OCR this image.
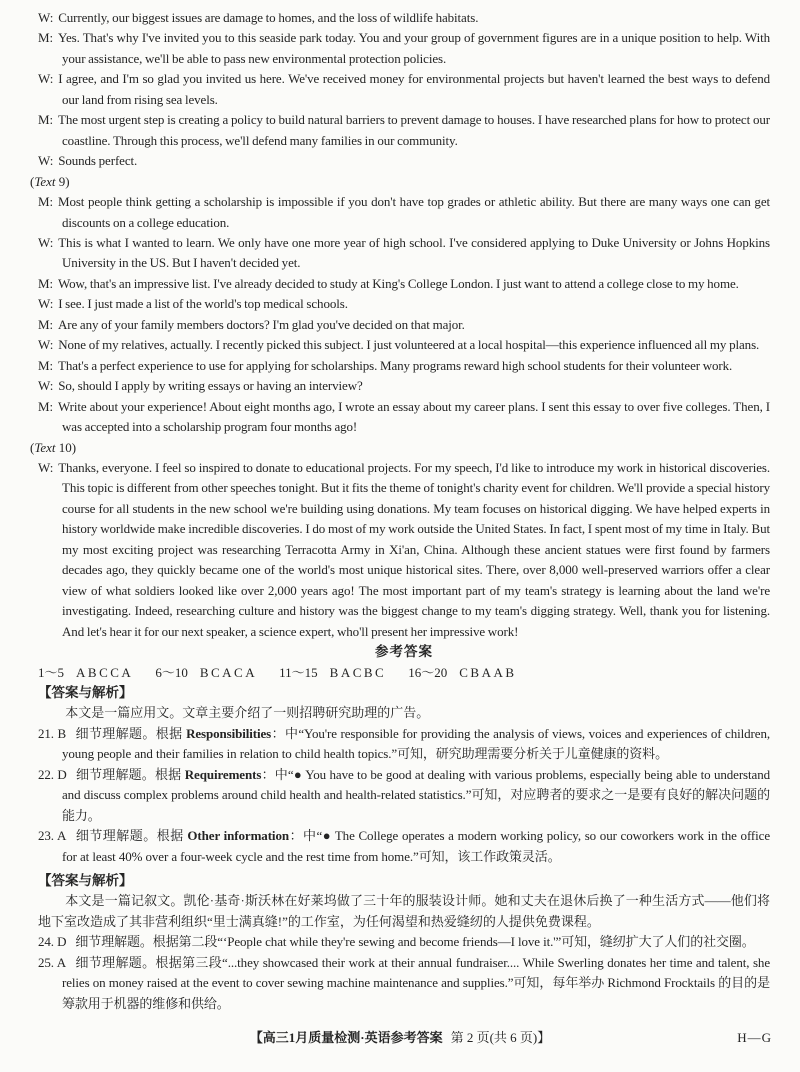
W: Currently, our biggest issues are damage to homes, and the loss of wildlife habitats.
M: Yes. That's why I've invited you to this seaside park today. You and your group of government figures are in a unique position to help. With your assistance, we'll be able to pass new environmental protection policies.
W: I agree, and I'm so glad you invited us here. We've received money for environmental projects but haven't learned the best ways to defend our land from rising sea levels.
M: The most urgent step is creating a policy to build natural barriers to prevent damage to houses. I have researched plans for how to protect our coastline. Through this process, we'll defend many families in our community.
W: Sounds perfect.
(Text 9)
M: Most people think getting a scholarship is impossible if you don't have top grades or athletic ability. But there are many ways one can get discounts on a college education.
W: This is what I wanted to learn. We only have one more year of high school. I've considered applying to Duke University or Johns Hopkins University in the US. But I haven't decided yet.
M: Wow, that's an impressive list. I've already decided to study at King's College London. I just want to attend a college close to my home.
W: I see. I just made a list of the world's top medical schools.
M: Are any of your family members doctors? I'm glad you've decided on that major.
W: None of my relatives, actually. I recently picked this subject. I just volunteered at a local hospital—this experience influenced all my plans.
M: That's a perfect experience to use for applying for scholarships. Many programs reward high school students for their volunteer work.
W: So, should I apply by writing essays or having an interview?
M: Write about your experience! About eight months ago, I wrote an essay about my career plans. I sent this essay to over five colleges. Then, I was accepted into a scholarship program four months ago!
(Text 10)
W: Thanks, everyone. I feel so inspired to donate to educational projects. For my speech, I'd like to introduce my work in historical discoveries. This topic is different from other speeches tonight. But it fits the theme of tonight's charity event for children. We'll provide a special history course for all students in the new school we're building using donations. My team focuses on historical digging. We have helped experts in history worldwide make incredible discoveries. I do most of my work outside the United States. In fact, I spent most of my time in Italy. But my most exciting project was researching Terracotta Army in Xi'an, China. Although these ancient statues were first found by farmers decades ago, they quickly became one of the world's most unique historical sites. There, over 8,000 well-preserved warriors offer a clear view of what soldiers looked like over 2,000 years ago! The most important part of my team's strategy is learning about the land we're investigating. Indeed, researching culture and history was the biggest change to my team's digging strategy. Well, thank you for listening. And let's hear it for our next speaker, a science expert, who'll present her impressive work!
参考答案
1～5 ABCCA 6～10 BCACA 11～15 BACBC 16～20 CBAAB
【答案与解析】
本文是一篇应用文。文章主要介绍了一则招聘研究助理的广告。
21. B 细节理解题。根据 Responsibilities：中“You're responsible for providing the analysis of views, voices and experiences of children, young people and their families in relation to child health topics.”可知，研究助理需要分析关于儿童健康的资料。
22. D 细节理解题。根据 Requirements：中“● You have to be good at dealing with various problems, especially being able to understand and discuss complex problems around child health and health-related statistics.”可知，对应聘者的要求之一是要有良好的解决问题的能力。
23. A 细节理解题。根据 Other information：中“● The College operates a modern working policy, so our coworkers work in the office for at least 40% over a four-week cycle and the rest time from home.”可知，该工作政策灵活。
【答案与解析】
本文是一篇记叙文。凯伦·基奇·斯沃林在好莱坞做了三十年的服装设计师。她和丈夫在退休后换了一种生活方式——他们将地下室改造成了其非营利组织“里士满真缝!”的工作室，为任何渴望和热爱缝纫的人提供免费课程。
24. D 细节理解题。根据第二段“‘People chat while they're sewing and become friends—I love it.'”可知，缝纫扩大了人们的社交圈。
25. A 细节理解题。根据第三段“...they showcased their work at their annual fundraiser.... While Swerling donates her time and talent, she relies on money raised at the event to cover sewing machine maintenance and supplies.”可知，每年举办 Richmond Frocktails 的目的是筹款用于机器的维修和供给。
【高三1月质量检测·英语参考答案 第 2 页(共 6 页)】	H—G
